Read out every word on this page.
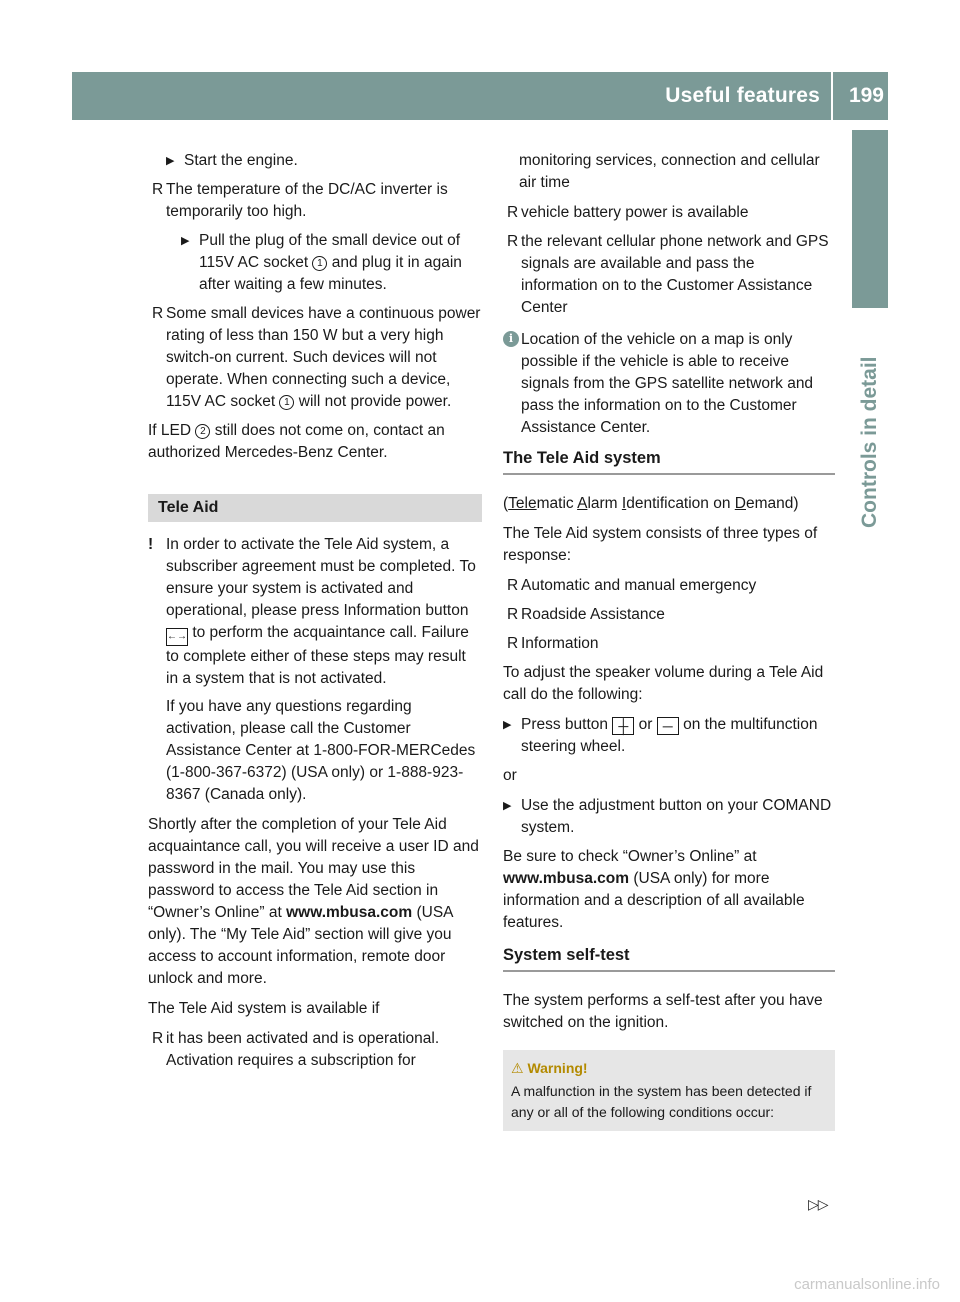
Useful features 199
Controls in detail
▶ Start the engine.
R The temperature of the DC/AC inverter is temporarily too high.
▶ Pull the plug of the small device out of 115V AC socket 1 and plug it in again after waiting a few minutes.
R Some small devices have a continuous power rating of less than 150 W but a very high switch-on current. Such devices will not operate. When connecting such a device, 115V AC socket 1 will not provide power.

If LED 2 still does not come on, contact an authorized Mercedes-Benz Center.

Tele Aid
! In order to activate the Tele Aid system, a subscriber agreement must be completed. To ensure your system is activated and operational, please press Information button ←→ to perform the acquaintance call. Failure to complete either of these steps may result in a system that is not activated.
If you have any questions regarding activation, please call the Customer Assistance Center at 1-800-FOR-MERCedes (1-800-367-6372) (USA only) or 1-888-923-8367 (Canada only).

Shortly after the completion of your Tele Aid acquaintance call, you will receive a user ID and password in the mail. You may use this password to access the Tele Aid section in “Owner’s Online” at www.mbusa.com (USA only). The “My Tele Aid” section will give you access to account information, remote door unlock and more.

The Tele Aid system is available if

R it has been activated and is operational. Activation requires a subscription for

monitoring services, connection and cellular air time

R vehicle battery power is available
R the relevant cellular phone network and GPS signals are available and pass the information on to the Customer Assistance Center
i Location of the vehicle on a map is only possible if the vehicle is able to receive signals from the GPS satellite network and pass the information on to the Customer Assistance Center.
The Tele Aid system

(Telematic Alarm Identification on Demand)

The Tele Aid system consists of three types of response:

R Automatic and manual emergency
R Roadside Assistance
R Information

To adjust the speaker volume during a Tele Aid call do the following:

▶ Press button ┼ or ─ on the multifunction steering wheel.

or

▶ Use the adjustment button on your COMAND system.

Be sure to check “Owner’s Online” at www.mbusa.com (USA only) for more information and a description of all available features.

System self-test

The system performs a self-test after you have switched on the ignition.

⚠ Warning!
A malfunction in the system has been detected if any or all of the following conditions occur:
▷▷
carmanualsonline.info
